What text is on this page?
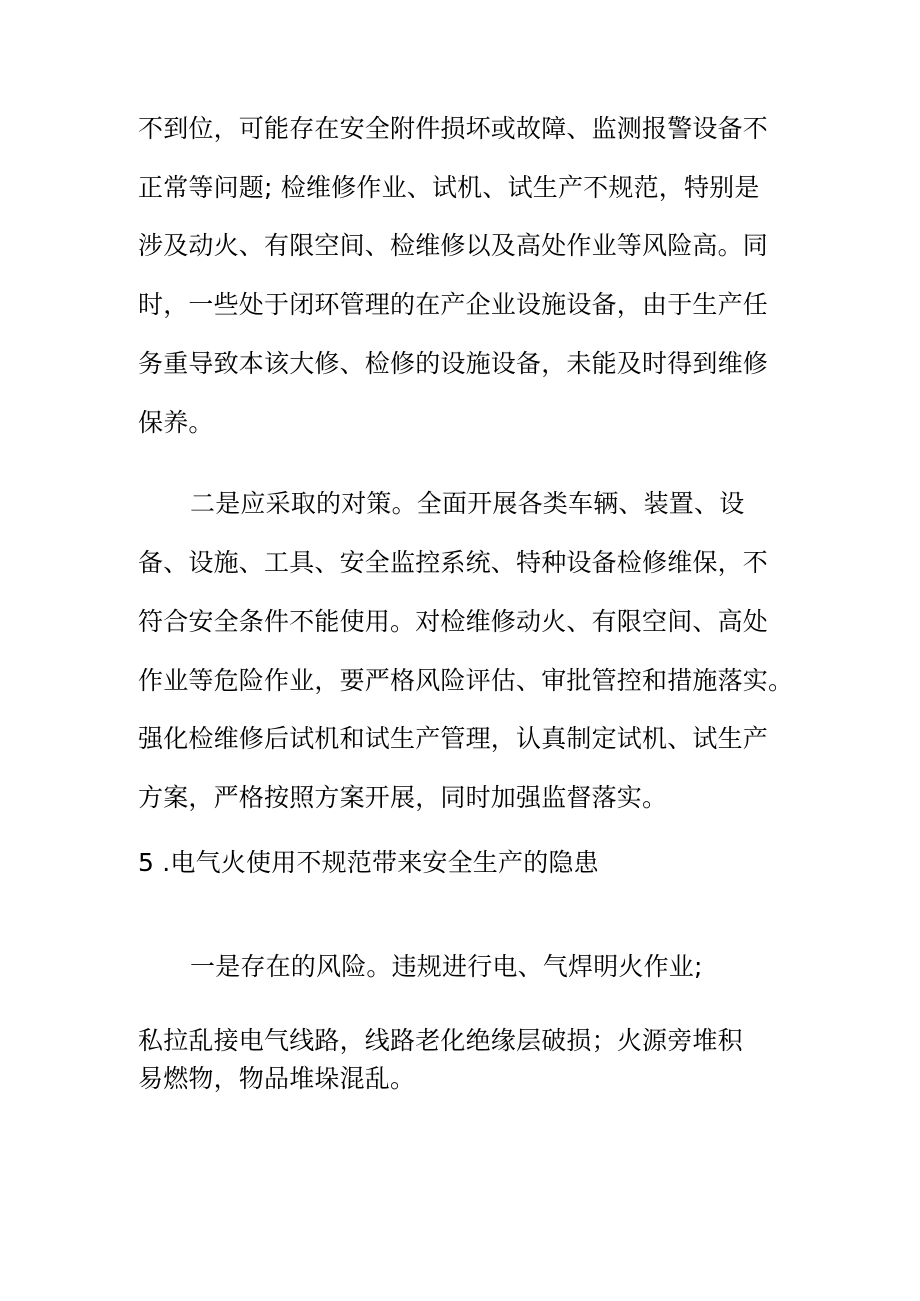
不到位，可能存在安全附件损坏或故障、监测报警设备不
正常等问题; 检维修作业、试机、试生产不规范，特别是
涉及动火、有限空间、检维修以及高处作业等风险高。同
时，一些处于闭环管理的在产企业设施设备，由于生产任
务重导致本该大修、检修的设施设备，未能及时得到维修
保养。
二是应采取的对策。全面开展各类车辆、装置、设
备、设施、工具、安全监控系统、特种设备检修维保，不
符合安全条件不能使用。对检维修动火、有限空间、高处
作业等危险作业，要严格风险评估、审批管控和措施落实。
强化检维修后试机和试生产管理，认真制定试机、试生产
方案，严格按照方案开展，同时加强监督落实。
5 .电气火使用不规范带来安全生产的隐患
一是存在的风险。违规进行电、气焊明火作业;
私拉乱接电气线路，线路老化绝缘层破损；火源旁堆积
易燃物，物品堆垛混乱。
